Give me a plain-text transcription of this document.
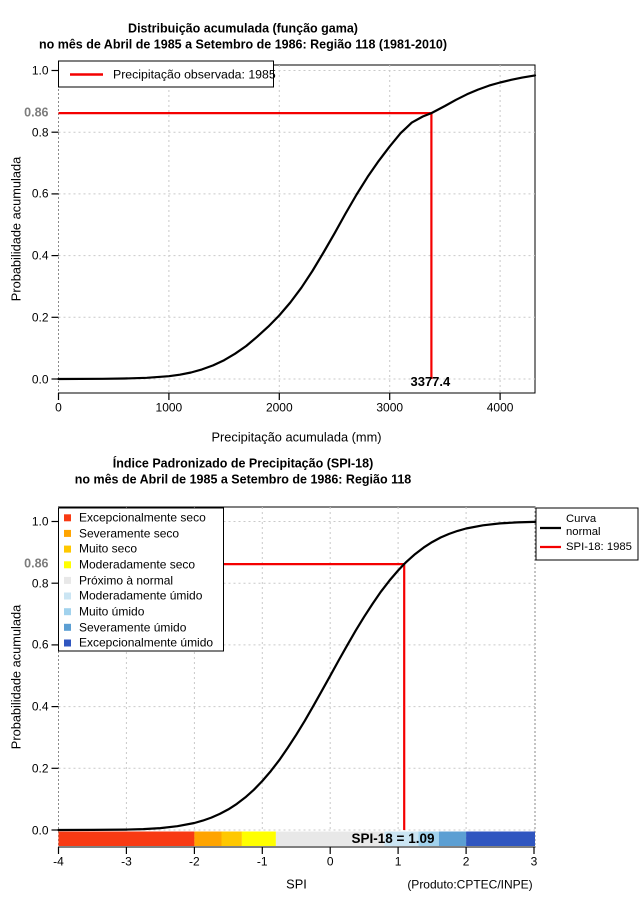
0.0
0.2
0.4
0.6
0.8
1.0
0	1000	2000	3000	4000
0.86
Precipitação acumulada (mm)
Probabilidade acumulada
Distribuição acumulada (função gama)
no mês de Abril de 1985 a Setembro de 1986: Região 118 (1981-2010)
3377.4
Precipitação observada: 1985
0.0
0.2
0.4
0.6
0.8
1.0
-4	-3	-2	-1	0	1	2	3
0.86
SPI
Probabilidade acumulada
Índice Padronizado de Precipitação (SPI-18)
no mês de Abril de 1985 a Setembro de 1986: Região 118
SPI-18 = 1.09
Excepcionalmente seco
Severamente seco
Muito seco
Moderadamente seco
Próximo à normal
Moderadamente úmido
Muito úmido
Severamente úmido
Excepcionalmente úmido
Curva
normal
SPI-18: 1985
(Produto:CPTEC/INPE)
